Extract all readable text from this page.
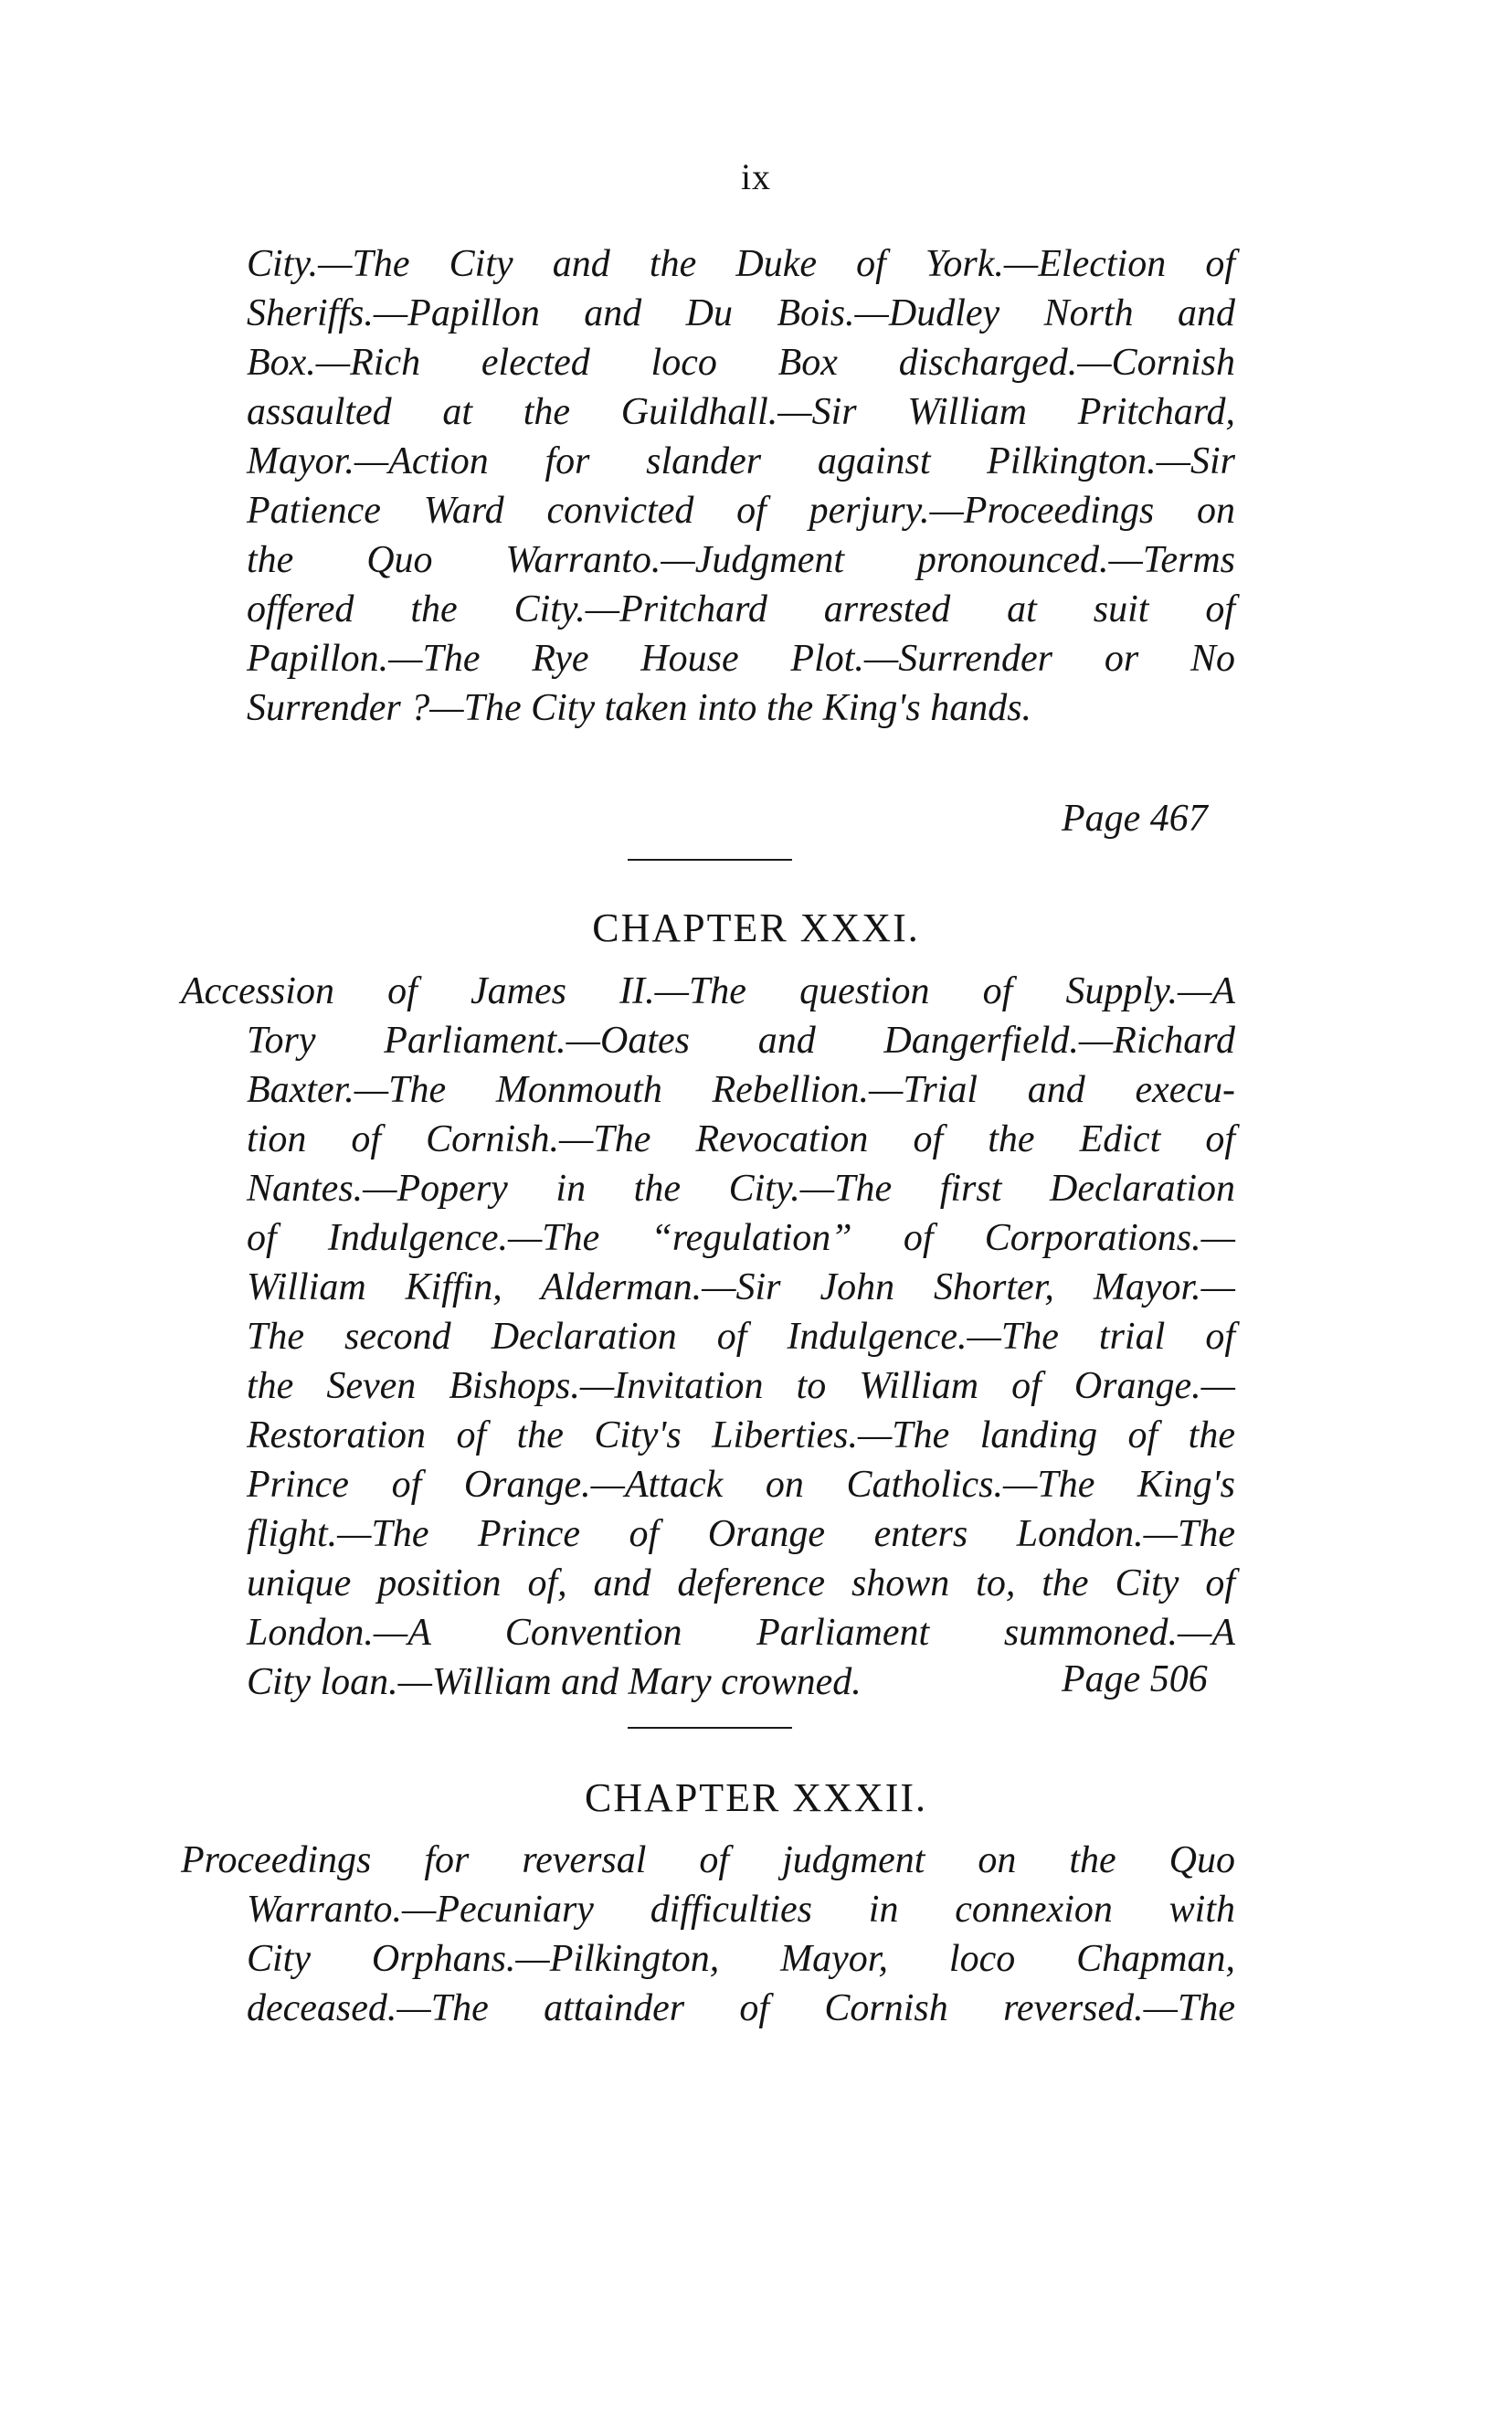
ix
City.—The City and the Duke of York.—Election of
Sheriffs.—Papillon and Du Bois.—Dudley North and
Box.—Rich elected loco Box discharged.—Cornish
assaulted at the Guildhall.—Sir William Pritchard,
Mayor.—Action for slander against Pilkington.—Sir
Patience Ward convicted of perjury.—Proceedings on
the Quo Warranto.—Judgment pronounced.—Terms
offered the City.—Pritchard arrested at suit of
Papillon.—The Rye House Plot.—Surrender or No
Surrender ?—The City taken into the King's hands.
Page 467
CHAPTER XXXI.
Accession of James II.—The question of Supply.—A
Tory Parliament.—Oates and Dangerfield.—Richard
Baxter.—The Monmouth Rebellion.—Trial and execu-
tion of Cornish.—The Revocation of the Edict of
Nantes.—Popery in the City.—The first Declaration
of Indulgence.—The “regulation” of Corporations.—
William Kiffin, Alderman.—Sir John Shorter, Mayor.—
The second Declaration of Indulgence.—The trial of
the Seven Bishops.—Invitation to William of Orange.—
Restoration of the City's Liberties.—The landing of the
Prince of Orange.—Attack on Catholics.—The King's
flight.—The Prince of Orange enters London.—The
unique position of, and deference shown to, the City of
London.—A Convention Parliament summoned.—A
City loan.—William and Mary crowned.	Page 506
CHAPTER XXXII.
Proceedings for reversal of judgment on the Quo
Warranto.—Pecuniary difficulties in connexion with
City Orphans.—Pilkington, Mayor, loco Chapman,
deceased.—The attainder of Cornish reversed.—The
